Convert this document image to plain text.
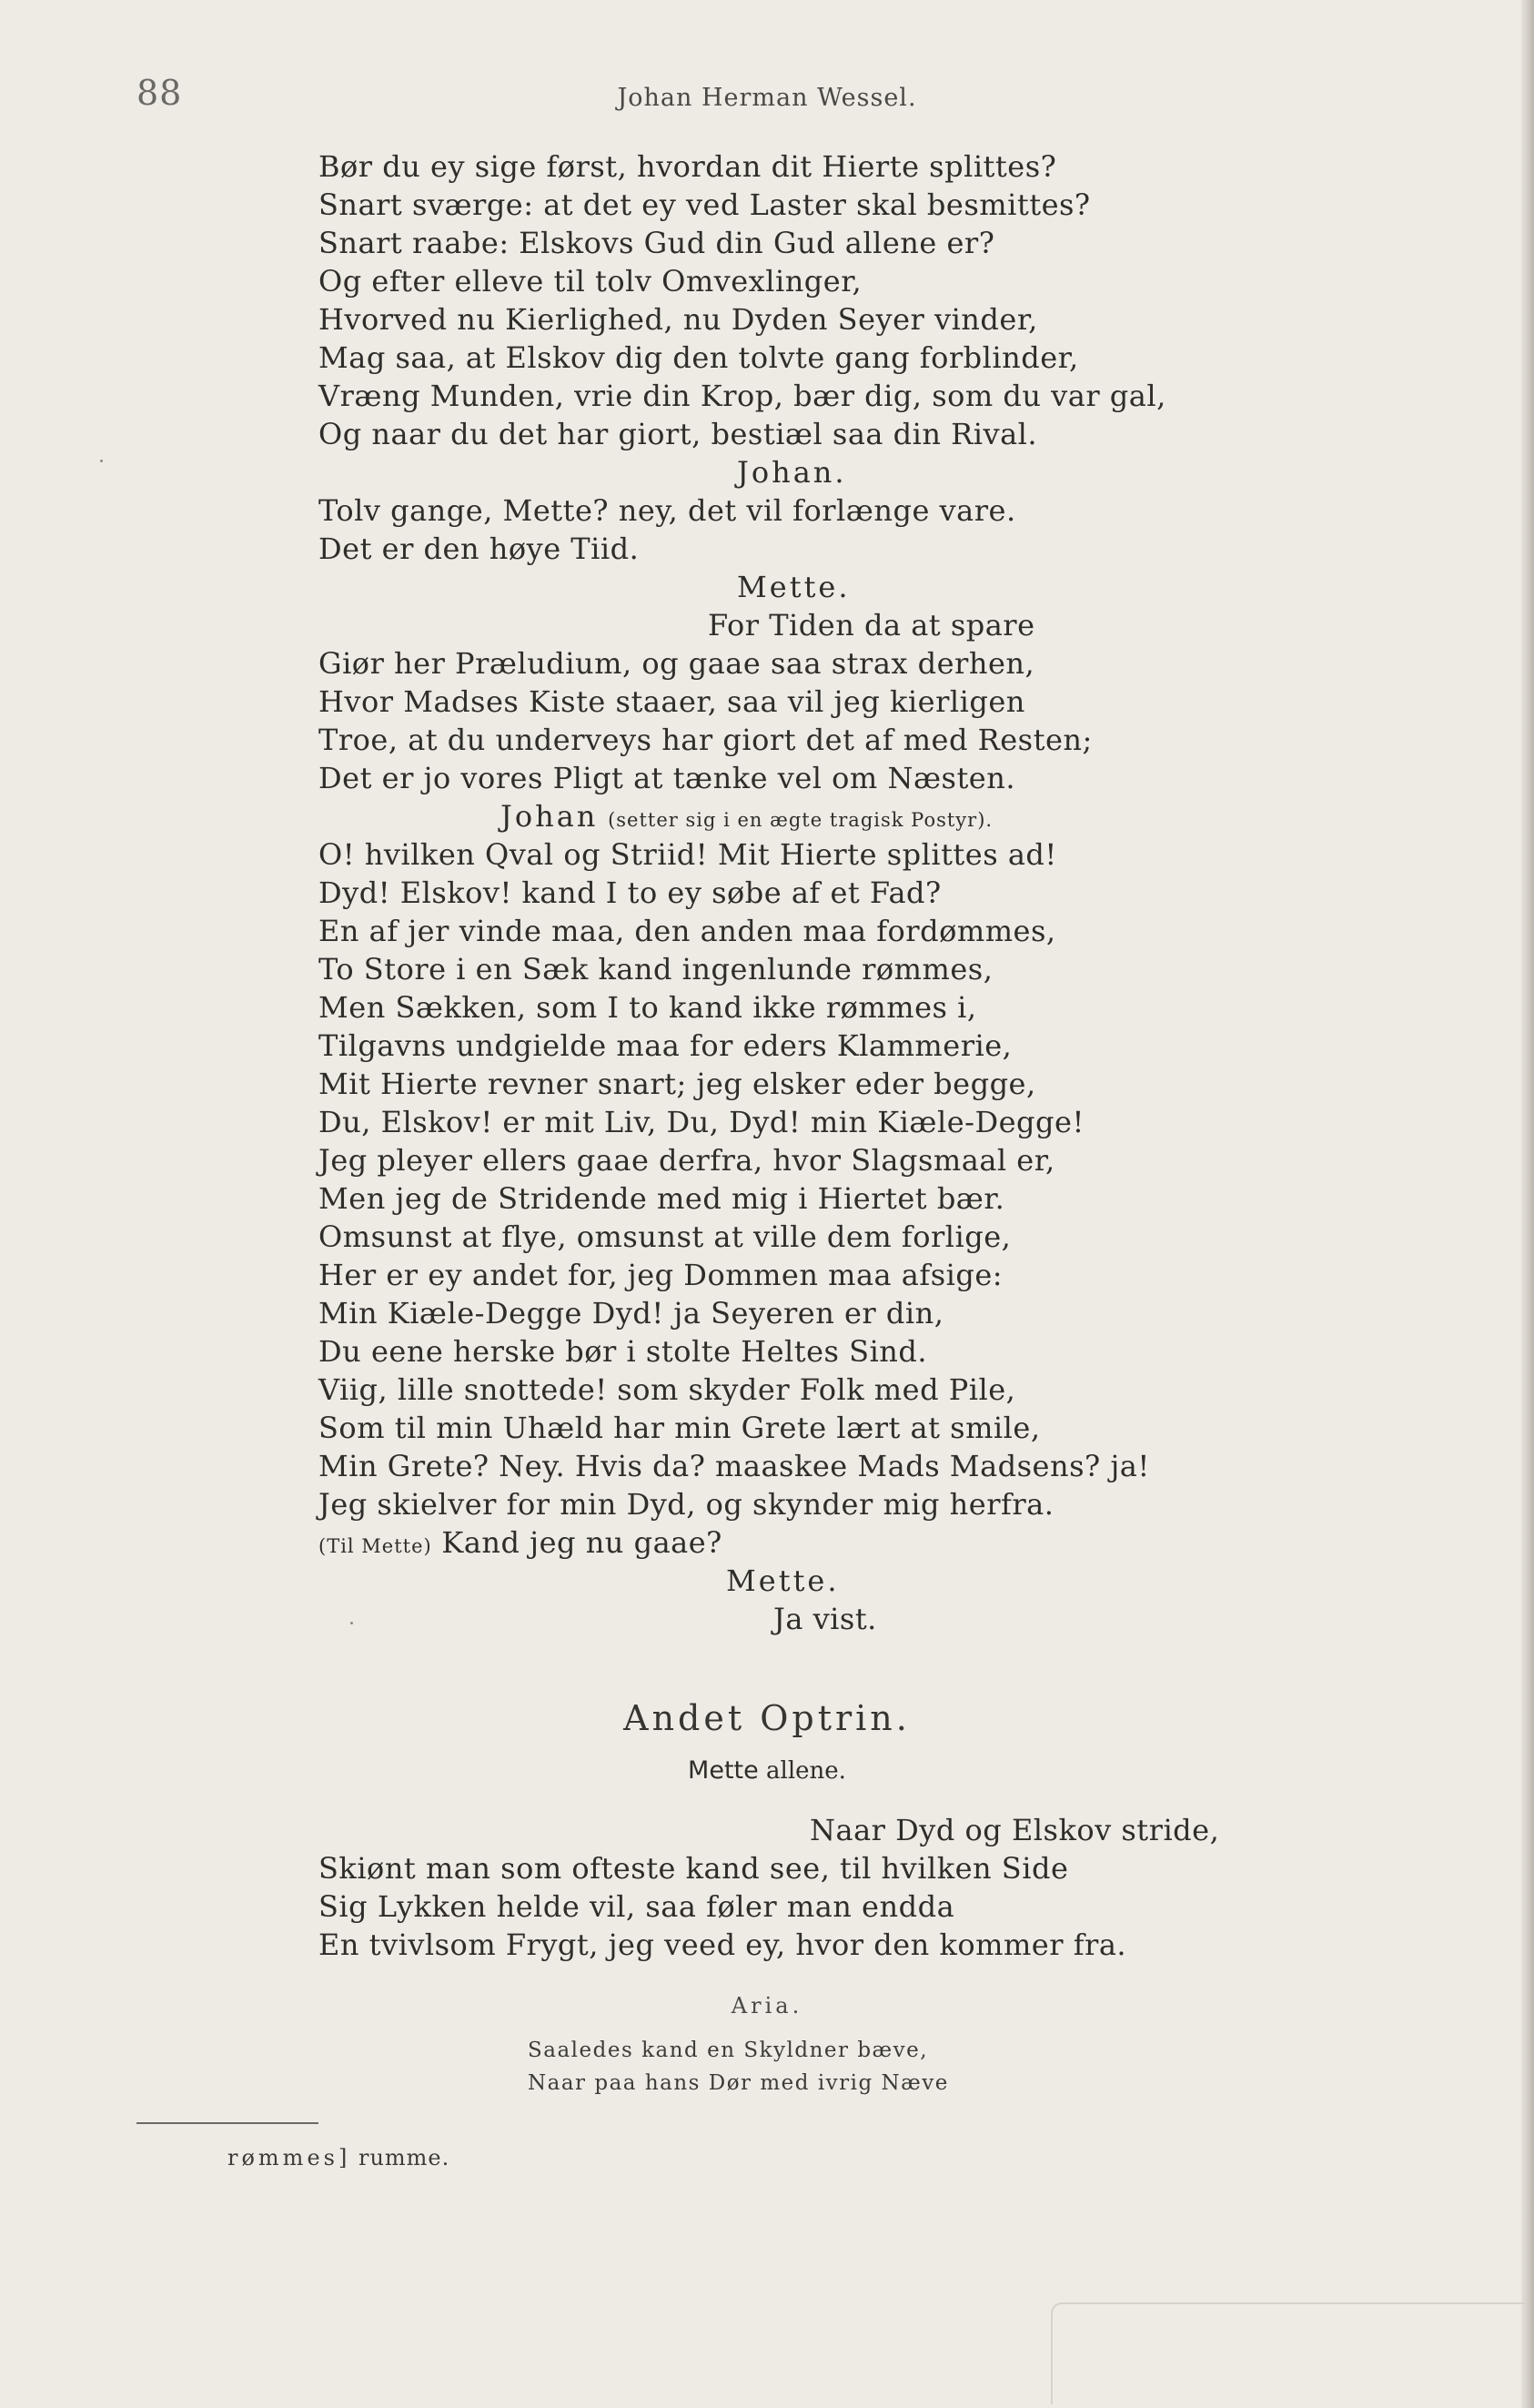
88	Johan Herman Wessel.
Bør du ey sige først, hvordan dit Hierte splittes?
Snart sværge: at det ey ved Laster skal besmittes?
Snart raabe: Elskovs Gud din Gud allene er?
Og efter elleve til tolv Omvexlinger,
Hvorved nu Kierlighed, nu Dyden Seyer vinder,
Mag saa, at Elskov dig den tolvte gang forblinder,
Vræng Munden, vrie din Krop, bær dig, som du var gal,
Og naar du det har giort, bestiæl saa din Rival.
Johan.
Tolv gange, Mette? ney, det vil forlænge vare.
Det er den høye Tiid.
Mette.
For Tiden da at spare
Giør her Præludium, og gaae saa strax derhen,
Hvor Madses Kiste staaer, saa vil jeg kierligen
Troe, at du underveys har giort det af med Resten;
Det er jo vores Pligt at tænke vel om Næsten.
Johan (setter sig i en ægte tragisk Postyr).
O! hvilken Qval og Striid! Mit Hierte splittes ad!
Dyd! Elskov! kand I to ey søbe af et Fad?
En af jer vinde maa, den anden maa fordømmes,
To Store i en Sæk kand ingenlunde rømmes,
Men Sækken, som I to kand ikke rømmes i,
Tilgavns undgielde maa for eders Klammerie,
Mit Hierte revner snart; jeg elsker eder begge,
Du, Elskov! er mit Liv, Du, Dyd! min Kiæle-Degge!
Jeg pleyer ellers gaae derfra, hvor Slagsmaal er,
Men jeg de Stridende med mig i Hiertet bær.
Omsunst at flye, omsunst at ville dem forlige,
Her er ey andet for, jeg Dommen maa afsige:
Min Kiæle-Degge Dyd! ja Seyeren er din,
Du eene herske bør i stolte Heltes Sind.
Viig, lille snottede! som skyder Folk med Pile,
Som til min Uhæld har min Grete lært at smile,
Min Grete? Ney. Hvis da? maaskee Mads Madsens? ja!
Jeg skielver for min Dyd, og skynder mig herfra.
(Til Mette) Kand jeg nu gaae?
Mette.
Ja vist.
Andet Optrin.
Mette allene.
Naar Dyd og Elskov stride,
Skiønt man som ofteste kand see, til hvilken Side
Sig Lykken helde vil, saa føler man endda
En tvivlsom Frygt, jeg veed ey, hvor den kommer fra.
Aria.
Saaledes kand en Skyldner bæve,
Naar paa hans Dør med ivrig Næve
rømmes] rumme.
